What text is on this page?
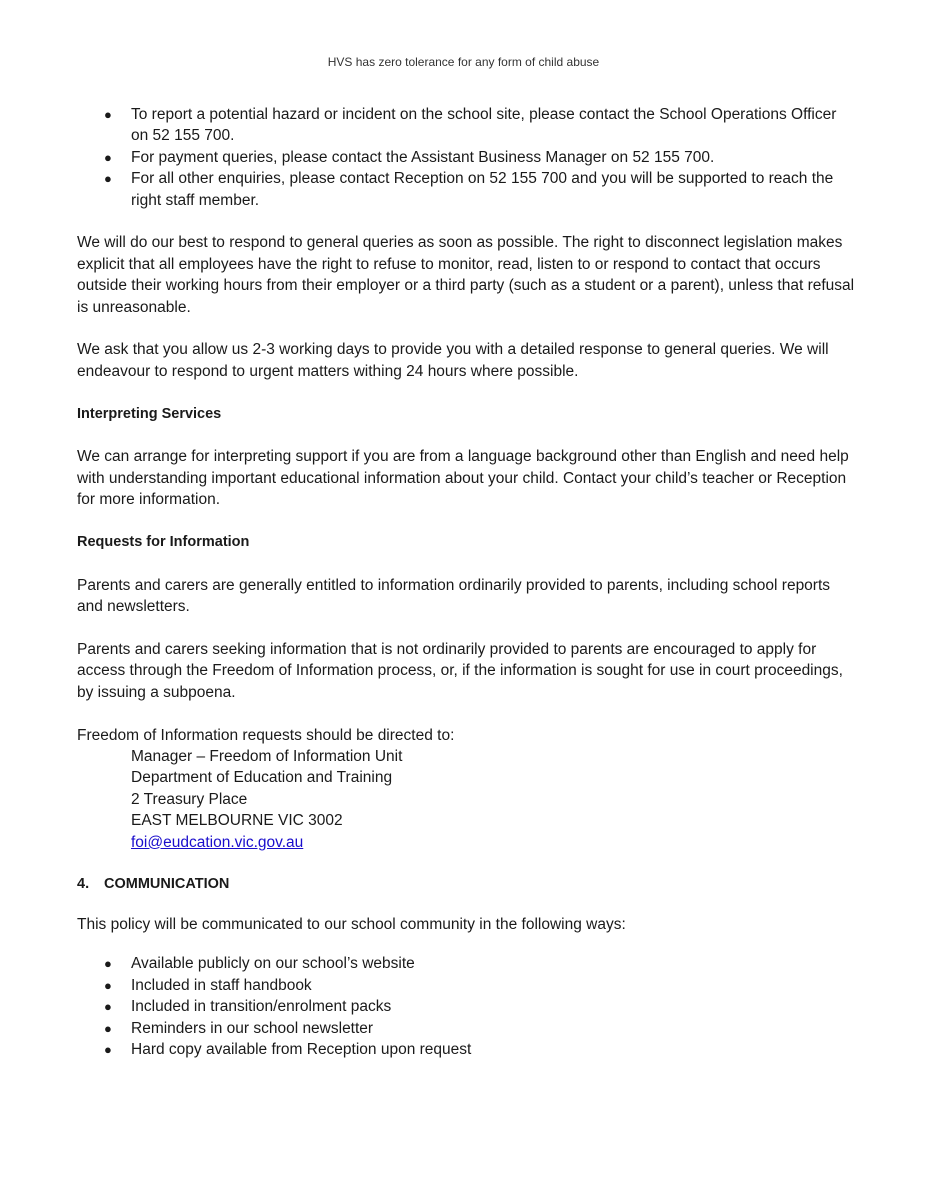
HVS has zero tolerance for any form of child abuse
● To report a potential hazard or incident on the school site, please contact the School Operations Officer on 52 155 700.
● For payment queries, please contact the Assistant Business Manager on 52 155 700.
● For all other enquiries, please contact Reception on 52 155 700 and you will be supported to reach the right staff member.

We will do our best to respond to general queries as soon as possible. The right to disconnect legislation makes explicit that all employees have the right to refuse to monitor, read, listen to or respond to contact that occurs outside their working hours from their employer or a third party (such as a student or a parent), unless that refusal is unreasonable.

We ask that you allow us 2-3 working days to provide you with a detailed response to general queries. We will endeavour to respond to urgent matters withing 24 hours where possible.

Interpreting Services

We can arrange for interpreting support if you are from a language background other than English and need help with understanding important educational information about your child. Contact your child’s teacher or Reception for more information.

Requests for Information

Parents and carers are generally entitled to information ordinarily provided to parents, including school reports and newsletters.

Parents and carers seeking information that is not ordinarily provided to parents are encouraged to apply for access through the Freedom of Information process, or, if the information is sought for use in court proceedings, by issuing a subpoena.

Freedom of Information requests should be directed to:

Manager – Freedom of Information Unit
Department of Education and Training
2 Treasury Place
EAST MELBOURNE VIC 3002
foi@eudcation.vic.gov.au

4. COMMUNICATION

This policy will be communicated to our school community in the following ways:

● Available publicly on our school’s website
● Included in staff handbook
● Included in transition/enrolment packs
● Reminders in our school newsletter
● Hard copy available from Reception upon request
